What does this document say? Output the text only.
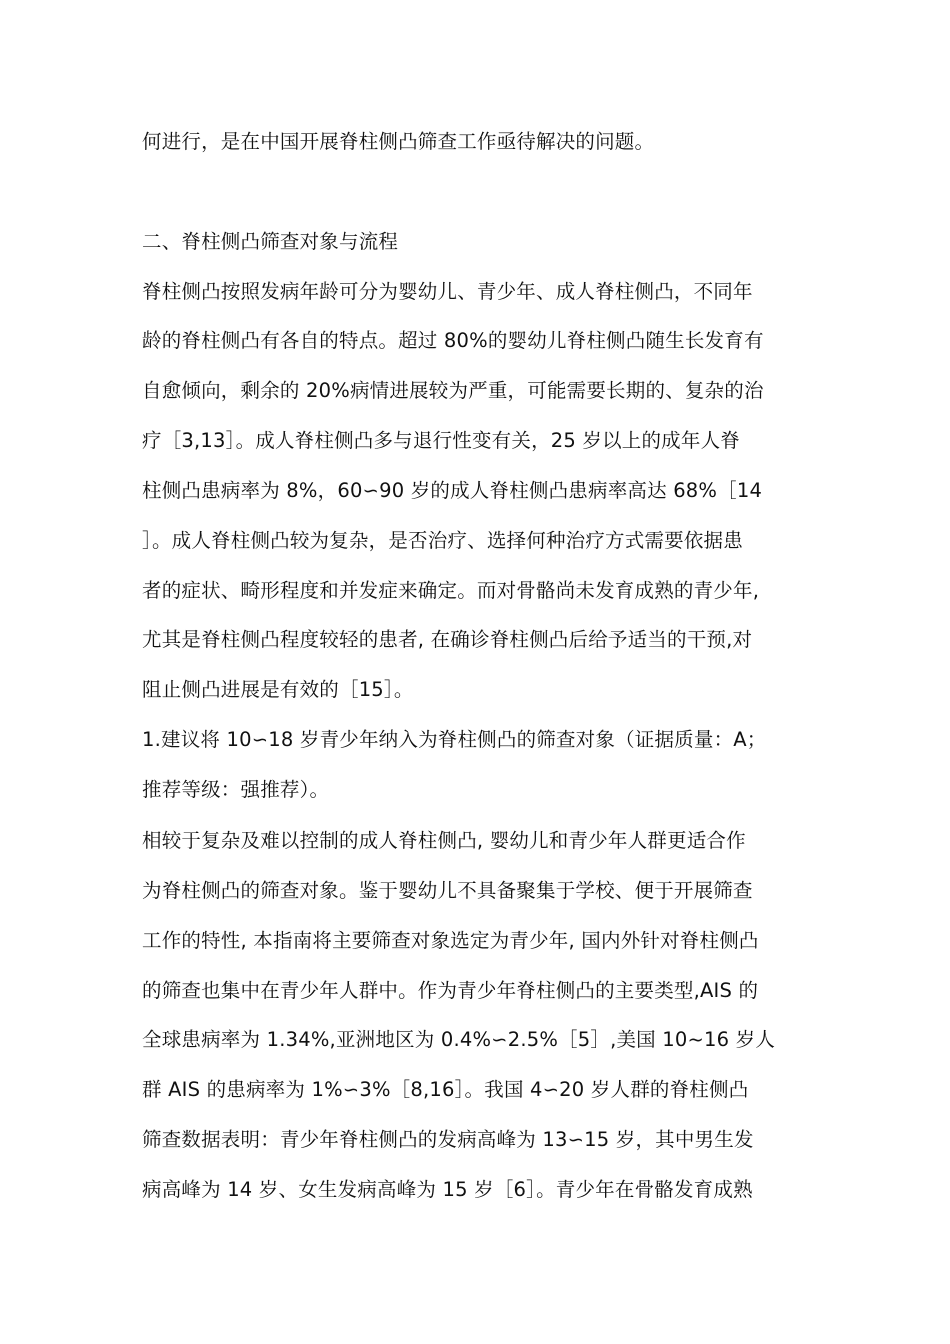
何进行，是在中国开展脊柱侧凸筛查工作亟待解决的问题。
二、脊柱侧凸筛查对象与流程
脊柱侧凸按照发病年龄可分为婴幼儿、青少年、成人脊柱侧凸，不同年
龄的脊柱侧凸有各自的特点。超过 80%的婴幼儿脊柱侧凸随生长发育有
自愈倾向，剩余的 20%病情进展较为严重，可能需要长期的、复杂的治
疗［3,13］。成人脊柱侧凸多与退行性变有关，25 岁以上的成年人脊
柱侧凸患病率为 8%，60∽90 岁的成人脊柱侧凸患病率高达 68%［14
］。成人脊柱侧凸较为复杂，是否治疗、选择何种治疗方式需要依据患
者的症状、畸形程度和并发症来确定。而对骨骼尚未发育成熟的青少年,
尤其是脊柱侧凸程度较轻的患者, 在确诊脊柱侧凸后给予适当的干预,对
阻止侧凸进展是有效的［15］。
1.建议将 10∽18 岁青少年纳入为脊柱侧凸的筛查对象（证据质量：A；
推荐等级：强推荐）。
相较于复杂及难以控制的成人脊柱侧凸, 婴幼儿和青少年人群更适合作
为脊柱侧凸的筛查对象。鉴于婴幼儿不具备聚集于学校、便于开展筛查
工作的特性, 本指南将主要筛查对象选定为青少年, 国内外针对脊柱侧凸
的筛查也集中在青少年人群中。作为青少年脊柱侧凸的主要类型,AIS 的
全球患病率为 1.34%,亚洲地区为 0.4%∽2.5%［5］,美国 10~16 岁人
群 AIS 的患病率为 1%∽3%［8,16］。我国 4∽20 岁人群的脊柱侧凸
筛查数据表明：青少年脊柱侧凸的发病高峰为 13∽15 岁，其中男生发
病高峰为 14 岁、女生发病高峰为 15 岁［6］。青少年在骨骼发育成熟
